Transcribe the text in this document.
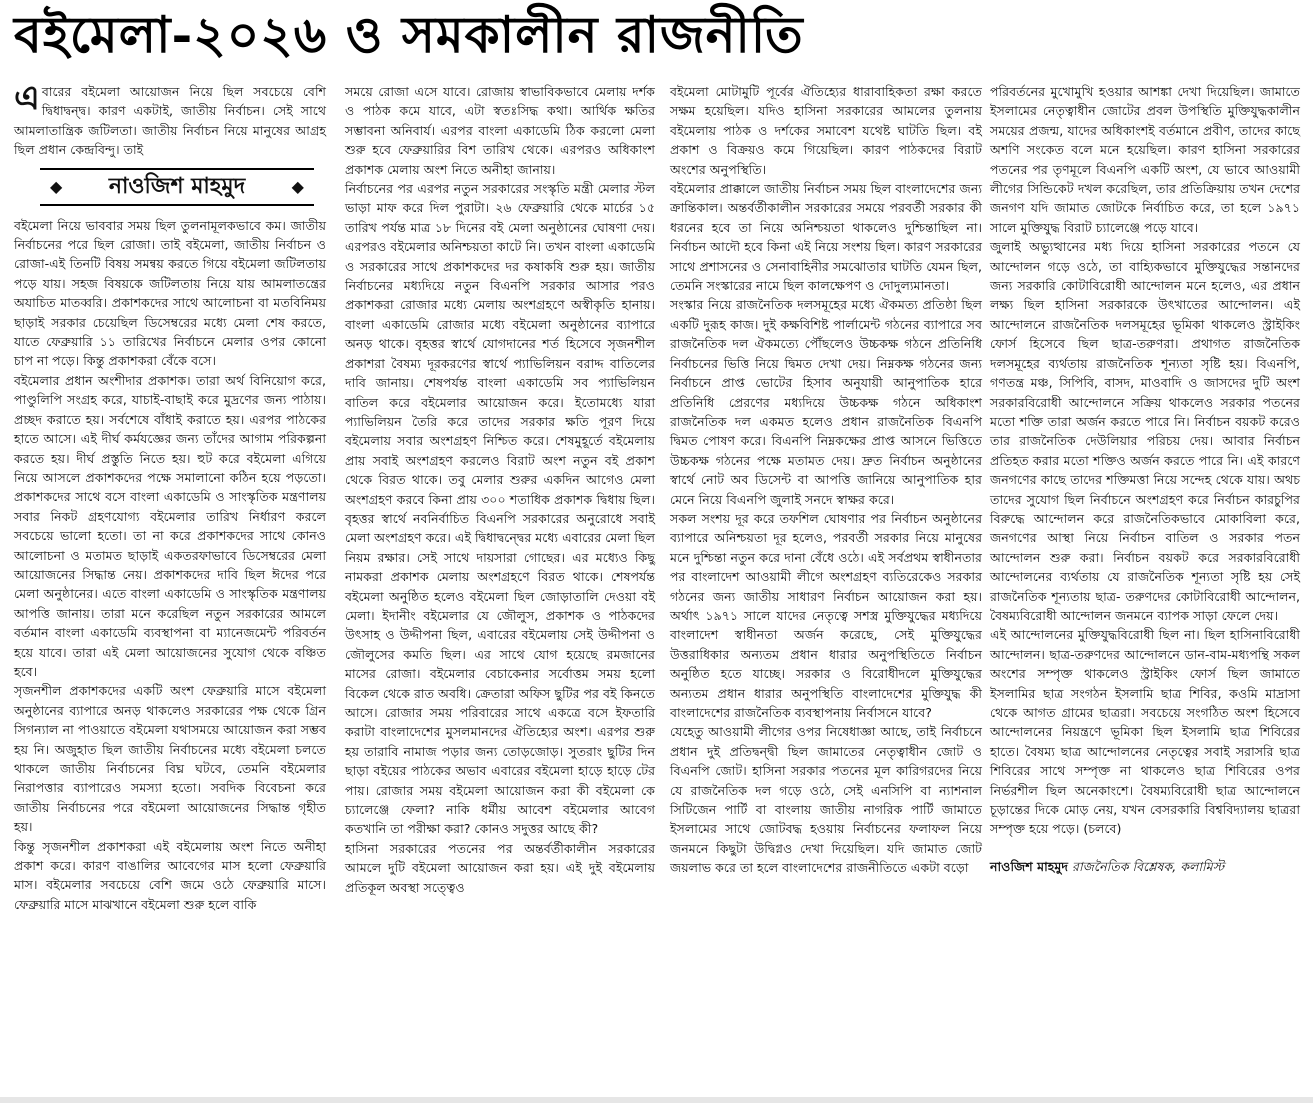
বইমেলা-২০২৬ ও সমকালীন রাজনীতি

এবারের বইমেলা আয়োজন নিয়ে ছিল সবচেয়ে বেশি দ্বিধাদ্বন্দ্ব। কারণ একটাই, জাতীয় নির্বাচন। সেই সাথে আমলাতান্ত্রিক জটিলতা। জাতীয় নির্বাচন নিয়ে মানুষের আগ্রহ ছিল প্রধান কেন্দ্রবিন্দু। তাই

◆ নাওজিশ মাহমুদ	◆

বইমেলা নিয়ে ভাববার সময় ছিল তুলনামূলকভাবে কম। জাতীয় নির্বাচনের পরে ছিল রোজা। তাই বইমেলা, জাতীয় নির্বাচন ও রোজা-এই তিনটি বিষয় সমন্বয় করতে গিয়ে বইমেলা জটিলতায় পড়ে যায়। সহজ বিষয়কে জটিলতায় নিয়ে যায় আমলাতন্ত্রের অযাচিত মাতব্বরি। প্রকাশকদের সাথে আলোচনা বা মতবিনিময় ছাড়াই সরকার চেয়েছিল ডিসেম্বরের মধ্যে মেলা শেষ করতে, যাতে ফেব্রুয়ারি ১১ তারিখের নির্বাচনে মেলার ওপর কোনো চাপ না পড়ে। কিন্তু প্রকাশকরা বেঁকে বসে।

বইমেলার প্রধান অংশীদার প্রকাশক। তারা অর্থ বিনিয়োগ করে, পাণ্ডুলিপি সংগ্রহ করে, যাচাই-বাছাই করে মুদ্রণের জন্য পাঠায়। প্রচ্ছদ করাতে হয়। সর্বশেষে বাঁধাই করাতে হয়। এরপর পাঠকের হাতে আসে। এই দীর্ঘ কর্মযজ্ঞের জন্য তাঁদের আগাম পরিকল্পনা করতে হয়। দীর্ঘ প্রস্তুতি নিতে হয়। হুট করে বইমেলা এগিয়ে নিয়ে আসলে প্রকাশকদের পক্ষে সমালানো কঠিন হয়ে পড়তো। প্রকাশকদের সাথে বসে বাংলা একাডেমি ও সাংস্কৃতিক মন্ত্রণালয় সবার নিকট গ্রহণযোগ্য বইমেলার তারিখ নির্ধারণ করলে সবচেয়ে ভালো হতো। তা না করে প্রকাশকদের সাথে কোনও আলোচনা ও মতামত ছাড়াই একতরফাভাবে ডিসেম্বরের মেলা আয়োজনের সিদ্ধান্ত নেয়। প্রকাশকদের দাবি ছিল ঈদের পরে মেলা অনুষ্ঠানের। এতে বাংলা একাডেমি ও সাংস্কৃতিক মন্ত্রণালয় আপত্তি জানায়। তারা মনে করেছিল নতুন সরকারের আমলে বর্তমান বাংলা একাডেমি ব্যবস্থাপনা বা ম্যানেজমেন্ট পরিবর্তন হয়ে যাবে। তারা এই মেলা আয়োজনের সুযোগ থেকে বঞ্চিত হবে।

সৃজনশীল প্রকাশকদের একটি অংশ ফেব্রুয়ারি মাসে বইমেলা অনুষ্ঠানের ব্যাপারে অনড় থাকলেও সরকারের পক্ষ থেকে গ্রিন সিগন্যাল না পাওয়াতে বইমেলা যথাসময়ে আয়োজন করা সম্ভব হয় নি। অজুহাত ছিল জাতীয় নির্বাচনের মধ্যে বইমেলা চলতে থাকলে জাতীয় নির্বাচনের বিঘ্ন ঘটবে, তেমনি বইমেলার নিরাপত্তার ব্যাপারেও সমস্যা হতো। সবদিক বিবেচনা করে জাতীয় নির্বাচনের পরে বইমেলা আয়োজনের সিদ্ধান্ত গৃহীত হয়।

কিন্তু সৃজনশীল প্রকাশকরা এই বইমেলায় অংশ নিতে অনীহা প্রকাশ করে। কারণ বাঙালির আবেগের মাস হলো ফেব্রুয়ারি মাস। বইমেলার সবচেয়ে বেশি জমে ওঠে ফেব্রুয়ারি মাসে। ফেব্রুয়ারি মাসে মাঝখানে বইমেলা শুরু হলে বাকি

সময়ে রোজা এসে যাবে। রোজায় স্বাভাবিকভাবে মেলায় দর্শক ও পাঠক কমে যাবে, এটা স্বতঃসিদ্ধ কথা। আর্থিক ক্ষতির সম্ভাবনা অনিবার্য। এরপর বাংলা একাডেমি ঠিক করলো মেলা শুরু হবে ফেব্রুয়ারির বিশ তারিখ থেকে। এরপরও অধিকাংশ প্রকাশক মেলায় অংশ নিতে অনীহা জানায়।

নির্বাচনের পর এরপর নতুন সরকারের সংস্কৃতি মন্ত্রী মেলার স্টল ভাড়া মাফ করে দিল পুরাটা। ২৬ ফেব্রুয়ারি থেকে মার্চের ১৫ তারিখ পর্যন্ত মাত্র ১৮ দিনের বই মেলা অনুষ্ঠানের ঘোষণা দেয়। এরপরও বইমেলার অনিশ্চয়তা কাটে নি। তখন বাংলা একাডেমি ও সরকারের সাথে প্রকাশকদের দর কষাকষি শুরু হয়। জাতীয় নির্বাচনের মধ্যদিয়ে নতুন বিএনপি সরকার আসার পরও প্রকাশকরা রোজার মধ্যে মেলায় অংশগ্রহণে অস্বীকৃতি হানায়। বাংলা একাডেমি রোজার মধ্যে বইমেলা অনুষ্ঠানের ব্যাপারে অনড় থাকে। বৃহত্তর স্বার্থে যোগদানের শর্ত হিসেবে সৃজনশীল প্রকাশরা বৈষম্য দূরকরণের স্বার্থে প্যাভিলিয়ন বরাদ্দ বাতিলের দাবি জানায়। শেষপর্যন্ত বাংলা একাডেমি সব প্যাভিলিয়ন বাতিল করে বইমেলার আয়োজন করে। ইতোমধ্যে যারা প্যাভিলিয়ন তৈরি করে তাদের সরকার ক্ষতি পূরণ দিয়ে বইমেলায় সবার অংশগ্রহণ নিশ্চিত করে। শেষমুহূর্তে বইমেলায় প্রায় সবাই অংশগ্রহণ করলেও বিরাট অংশ নতুন বই প্রকাশ থেকে বিরত থাকে। তবু মেলার শুরুর একদিন আগেও মেলা অংশগ্রহণ করবে কিনা প্রায় ৩০০ শতাধিক প্রকাশক দ্বিধায় ছিল। বৃহত্তর স্বার্থে নবনির্বাচিত বিএনপি সরকারের অনুরোধে সবাই মেলা অংশগ্রহণ করে। এই দ্বিধাদ্বন্দ্বের মধ্যে এবারের মেলা ছিল নিয়ম রক্ষার। সেই সাথে দায়সারা গোছের। এর মধ্যেও কিছু নামকরা প্রকাশক মেলায় অংশগ্রহণে বিরত থাকে। শেষপর্যন্ত বইমেলা অনুষ্ঠিত হলেও বইমেলা ছিল জোড়াতালি দেওয়া বই মেলা। ইদানীং বইমেলার যে জৌলুস, প্রকাশক ও পাঠকদের উৎসাহ ও উদ্দীপনা ছিল, এবারের বইমেলায় সেই উদ্দীপনা ও জৌলুসের কমতি ছিল। এর সাথে যোগ হয়েছে রমজানের মাসের রোজা। বইমেলার বেচাকেনার সর্বোত্তম সময় হলো বিকেল থেকে রাত অবধি। ক্রেতারা অফিস ছুটির পর বই কিনতে আসে। রোজার সময় পরিবারের সাথে একত্রে বসে ইফতারি করাটা বাংলাদেশের মুসলমানদের ঐতিহ্যের অংশ। এরপর শুরু হয় তারাবি নামাজ পড়ার জন্য তোড়জোড়। সুতরাং ছুটির দিন ছাড়া বইয়ের পাঠকের অভাব এবারের বইমেলা হাড়ে হাড়ে টের পায়। রোজার সময় বইমেলা আয়োজন করা কী বইমেলা কে চ্যালেঞ্জে ফেলা? নাকি ধর্মীয় আবেশ বইমেলার আবেগ কতখানি তা পরীক্ষা করা? কোনও সদুত্তর আছে কী?

হাসিনা সরকারের পতনের পর অন্তর্বর্তীকালীন সরকারের আমলে দুটি বইমেলা আয়োজন করা হয়। এই দুই বইমেলায় প্রতিকূল অবস্থা সত্ত্বেও

বইমেলা মোটামুটি পূর্বের ঐতিহ্যের ধারাবাহিকতা রক্ষা করতে সক্ষম হয়েছিল। যদিও হাসিনা সরকারের আমলের তুলনায় বইমেলায় পাঠক ও দর্শকের সমাবেশ যথেষ্ট ঘাটতি ছিল। বই প্রকাশ ও বিক্রয়ও কমে গিয়েছিল। কারণ পাঠকদের বিরাট অংশের অনুপস্থিতি।

বইমেলার প্রাক্কালে জাতীয় নির্বাচন সময় ছিল বাংলাদেশের জন্য ক্রান্তিকাল। অন্তর্বর্তীকালীন সরকারের সময়ে পরবর্তী সরকার কী ধরনের হবে তা নিয়ে অনিশ্চয়তা থাকলেও দুশ্চিন্তাছিল না। নির্বাচন আদৌ হবে কিনা এই নিয়ে সংশয় ছিল। কারণ সরকারের সাথে প্রশাসনের ও সেনাবাহিনীর সমঝোতার ঘাটতি যেমন ছিল, তেমনি সংস্কারের নামে ছিল কালক্ষেপণ ও দোদুল্যমানতা।

সংস্কার নিয়ে রাজনৈতিক দলসমূহের মধ্যে ঐকমত্য প্রতিষ্ঠা ছিল একটি দুরূহ কাজ। দুই কক্ষবিশিষ্ট পার্লামেন্ট গঠনের ব্যাপারে সব রাজনৈতিক দল ঐকমত্যে পৌঁছলেও উচ্চকক্ষ গঠনে প্রতিনিধি নির্বাচনের ভিত্তি নিয়ে দ্বিমত দেখা দেয়। নিম্নকক্ষ গঠনের জন্য নির্বাচনে প্রাপ্ত ভোটের হিসাব অনুযায়ী আনুপাতিক হারে প্রতিনিধি প্রেরণের মধ্যদিয়ে উচ্চকক্ষ গঠনে অধিকাংশ রাজনৈতিক দল একমত হলেও প্রধান রাজনৈতিক বিএনপি দ্বিমত পোষণ করে। বিএনপি নিম্নকক্ষের প্রাপ্ত আসনে ভিত্তিতে উচ্চকক্ষ গঠনের পক্ষে মতামত দেয়। দ্রুত নির্বাচন অনুষ্ঠানের স্বার্থে নোট অব ডিসেন্ট বা আপত্তি জানিয়ে আনুপাতিক হার মেনে নিয়ে বিএনপি জুলাই সনদে স্বাক্ষর করে।

সকল সংশয় দূর করে তফশিল ঘোষণার পর নির্বাচন অনুষ্ঠানের ব্যাপারে অনিশ্চয়তা দূর হলেও, পরবর্তী সরকার নিয়ে মানুষের মনে দুশ্চিন্তা নতুন করে দানা বেঁধে ওঠে। এই সর্বপ্রথম স্বাধীনতার পর বাংলাদেশ আওয়ামী লীগে অংশগ্রহণ ব্যতিরেকেও সরকার গঠনের জন্য জাতীয় সাধারণ নির্বাচন আয়োজন করা হয়। অর্থাৎ ১৯৭১ সালে যাদের নেতৃত্বে সশস্ত্র মুক্তিযুদ্ধের মধ্যদিয়ে বাংলাদেশ স্বাধীনতা অর্জন করেছে, সেই মুক্তিযুদ্ধের উত্তরাধিকার অন্যতম প্রধান ধারার অনুপস্থিতিতে নির্বাচন অনুষ্ঠিত হতে যাচ্ছে। সরকার ও বিরোধীদলে মুক্তিযুদ্ধের অন্যতম প্রধান ধারার অনুপস্থিতি বাংলাদেশের মুক্তিযুদ্ধ কী বাংলাদেশের রাজনৈতিক ব্যবস্থাপনায় নির্বাসনে যাবে?

যেহেতু আওয়ামী লীগের ওপর নিষেধাজ্ঞা আছে, তাই নির্বাচনে প্রধান দুই প্রতিদ্বন্দ্বী ছিল জামাতের নেতৃত্বাধীন জোট ও বিএনপি জোট। হাসিনা সরকার পতনের মূল কারিগরদের নিয়ে যে রাজনৈতিক দল গড়ে ওঠে, সেই এনসিপি বা ন্যাশনাল সিটিজেন পার্টি বা বাংলায় জাতীয় নাগরিক পার্টি জামাতে ইসলামের সাথে জোটবদ্ধ হওয়ায় নির্বাচনের ফলাফল নিয়ে জনমনে কিছুটা উদ্বিগ্নও দেখা দিয়েছিল। যদি জামাত জোট জয়লাভ করে তা হলে বাংলাদেশের রাজনীতিতে একটা বড়ো

পরিবর্তনের মুখোমুখি হওয়ার আশঙ্কা দেখা দিয়েছিল। জামাতে ইসলামের নেতৃত্বাধীন জোটের প্রবল উপস্থিতি মুক্তিযুদ্ধকালীন সময়ের প্রজন্ম, যাদের অধিকাংশই বর্তমানে প্রবীণ, তাদের কাছে অশণি সংকেত বলে মনে হয়েছিল। কারণ হাসিনা সরকারের পতনের পর তৃণমূলে বিএনপি একটি অংশ, যে ভাবে আওয়ামী লীগের সিন্ডিকেট দখল করেছিল, তার প্রতিক্রিয়ায় তখন দেশের জনগণ যদি জামাত জোটকে নির্বাচিত করে, তা হলে ১৯৭১ সালে মুক্তিযুদ্ধ বিরাট চ্যালেঞ্জে পড়ে যাবে।

জুলাই অভ্যুত্থানের মধ্য দিয়ে হাসিনা সরকারের পতনে যে আন্দোলন গড়ে ওঠে, তা বাহ্যিকভাবে মুক্তিযুদ্ধের সন্তানদের জন্য সরকারি কোটাবিরোধী আন্দোলন মনে হলেও, এর প্রধান লক্ষ্য ছিল হাসিনা সরকারকে উৎখাতের আন্দোলন। এই আন্দোলনে রাজনৈতিক দলসমূহের ভূমিকা থাকলেও স্ট্রাইকিং ফোর্স হিসেবে ছিল ছাত্র-তরুণরা। প্রথাগত রাজনৈতিক দলসমূহের ব্যর্থতায় রাজনৈতিক শূন্যতা সৃষ্টি হয়। বিএনপি, গণতন্ত্র মঞ্চ, সিপিবি, বাসদ, মাওবাদি ও জাসদের দুটি অংশ সরকারবিরোধী আন্দোলনে সক্রিয় থাকলেও সরকার পতনের মতো শক্তি তারা অর্জন করতে পারে নি। নির্বাচন বয়কট করেও তার রাজনৈতিক দেউলিয়ার পরিচয় দেয়। আবার নির্বাচন প্রতিহত করার মতো শক্তিও অর্জন করতে পারে নি। এই কারণে জনগণের কাছে তাদের শক্তিমত্তা নিয়ে সন্দেহ থেকে যায়। অথচ তাদের সুযোগ ছিল নির্বাচনে অংশগ্রহণ করে নির্বাচন কারচুপির বিরুদ্ধে আন্দোলন করে রাজনৈতিকভাবে মোকাবিলা করে, জনগণের আস্থা নিয়ে নির্বাচন বাতিল ও সরকার পতন আন্দোলন শুরু করা। নির্বাচন বয়কট করে সরকারবিরোধী আন্দোলনের ব্যর্থতায় যে রাজনৈতিক শূন্যতা সৃষ্টি হয় সেই রাজনৈতিক শূন্যতায় ছাত্র- তরুণদের কোটাবিরোধী আন্দোলন, বৈষম্যবিরোধী আন্দোলন জনমনে ব্যাপক সাড়া ফেলে দেয়।

এই আন্দোলনের মুক্তিযুদ্ধবিরোধী ছিল না। ছিল হাসিনাবিরোধী আন্দোলন। ছাত্র-তরুণদের আন্দোলনে ডান-বাম-মধ্যপন্থি সকল অংশের সম্পৃক্ত থাকলেও স্ট্রাইকিং ফোর্স ছিল জামাতে ইসলামির ছাত্র সংগঠন ইসলামি ছাত্র শিবির, কওমি মাদ্রাসা থেকে আগত গ্রামের ছাত্ররা। সবচেয়ে সংগঠিত অংশ হিসেবে আন্দোলনের নিয়ন্ত্রণে ভূমিকা ছিল ইসলামি ছাত্র শিবিরের হাতে। বৈষম্য ছাত্র আন্দোলনের নেতৃত্বের সবাই সরাসরি ছাত্র শিবিরের সাথে সম্পৃক্ত না থাকলেও ছাত্র শিবিরের ওপর নির্ভরশীল ছিল অনেকাংশে। বৈষম্যবিরোধী ছাত্র আন্দোলনে চূড়ান্তের দিকে মোড় নেয়, যখন বেসরকারি বিশ্ববিদ্যালয় ছাত্ররা সম্পৃক্ত হয়ে পড়ে। (চলবে)

নাওজিশ মাহমুদ রাজনৈতিক বিশ্লেষক, কলামিস্ট
